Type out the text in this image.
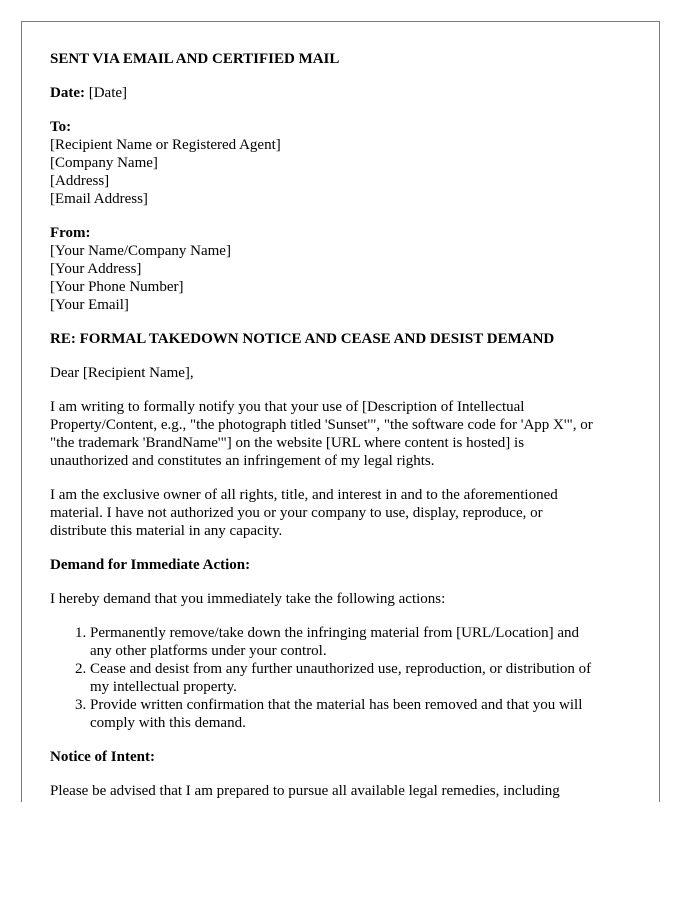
SENT VIA EMAIL AND CERTIFIED MAIL
Date: [Date]
To:
[Recipient Name or Registered Agent]
[Company Name]
[Address]
[Email Address]
From:
[Your Name/Company Name]
[Your Address]
[Your Phone Number]
[Your Email]
RE: FORMAL TAKEDOWN NOTICE AND CEASE AND DESIST DEMAND
Dear [Recipient Name],
I am writing to formally notify you that your use of [Description of Intellectual
Property/Content, e.g., "the photograph titled 'Sunset'", "the software code for 'App X'", or
"the trademark 'BrandName'"] on the website [URL where content is hosted] is
unauthorized and constitutes an infringement of my legal rights.
I am the exclusive owner of all rights, title, and interest in and to the aforementioned
material. I have not authorized you or your company to use, display, reproduce, or
distribute this material in any capacity.
Demand for Immediate Action:
I hereby demand that you immediately take the following actions:
1. Permanently remove/take down the infringing material from [URL/Location] and
any other platforms under your control.
2. Cease and desist from any further unauthorized use, reproduction, or distribution of
my intellectual property.
3. Provide written confirmation that the material has been removed and that you will
comply with this demand.
Notice of Intent:
Please be advised that I am prepared to pursue all available legal remedies, including
